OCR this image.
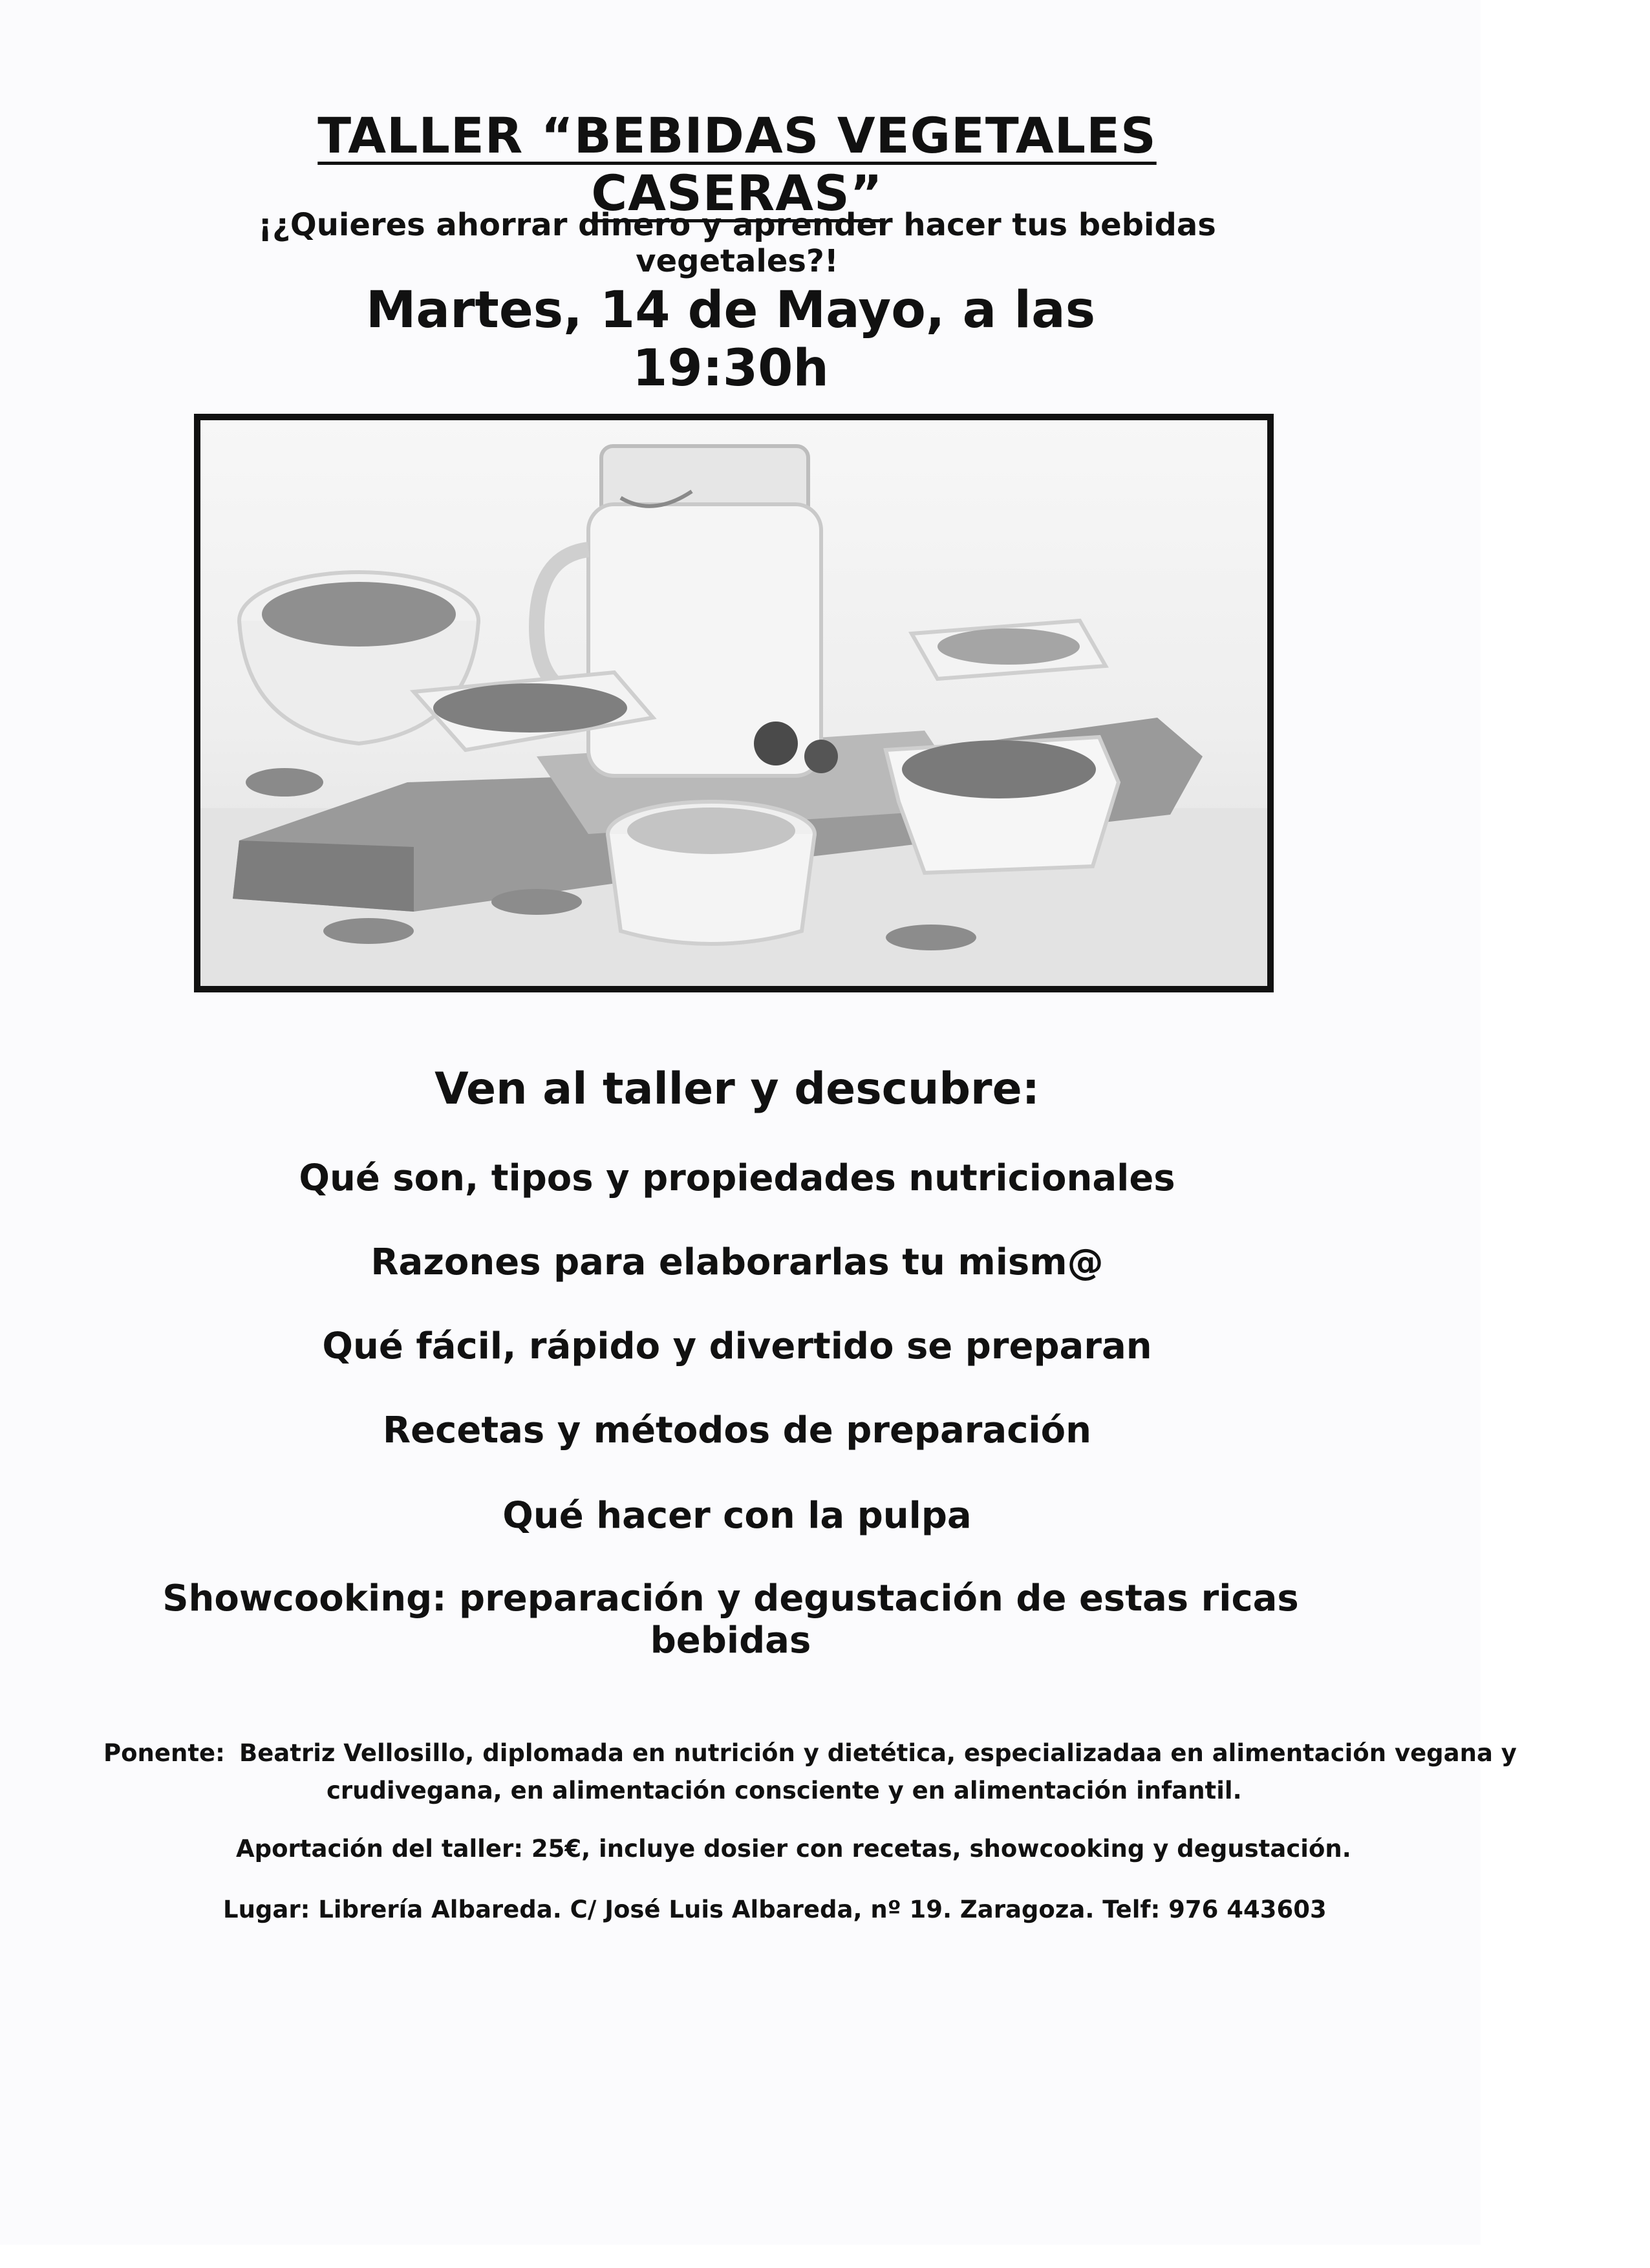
TALLER “BEBIDAS VEGETALES CASERAS”
¡¿Quieres ahorrar dinero y aprender hacer tus bebidas vegetales?!
Martes, 14 de Mayo, a las 19:30h
Ven al taller y descubre:
Qué son, tipos y propiedades nutricionales
Razones para elaborarlas tu mism@
Qué fácil, rápido y divertido se preparan
Recetas y métodos de preparación
Qué hacer con la pulpa
Showcooking: preparación y degustación de estas ricas bebidas
Ponente: Beatriz Vellosillo, diplomada en nutrición y dietética, especializadaa en alimentación vegana y
crudivegana, en alimentación consciente y en alimentación infantil.
Aportación del taller: 25€, incluye dosier con recetas, showcooking y degustación.
Lugar: Librería Albareda. C/ José Luis Albareda, nº 19. Zaragoza. Telf: 976 443603
